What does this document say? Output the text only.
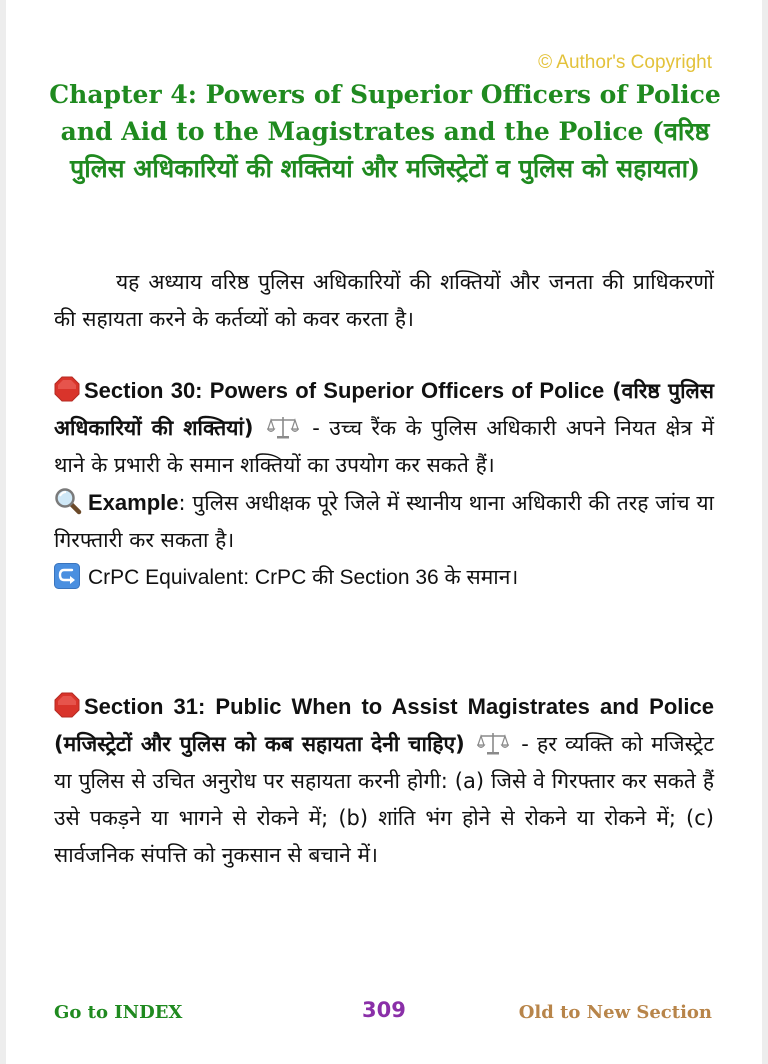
© Author's Copyright
Chapter 4: Powers of Superior Officers of Police and Aid to the Magistrates and the Police (वरिष्ठ पुलिस अधिकारियों की शक्तियां और मजिस्ट्रेटों व पुलिस को सहायता)
यह अध्याय वरिष्ठ पुलिस अधिकारियों की शक्तियों और जनता की प्राधिकरणों की सहायता करने के कर्तव्यों को कवर करता है।
Section 30: Powers of Superior Officers of Police (वरिष्ठ पुलिस अधिकारियों की शक्तियां)	- उच्च रैंक के पुलिस अधिकारी अपने नियत क्षेत्र में थाने के प्रभारी के समान शक्तियों का उपयोग कर सकते हैं।
Example: पुलिस अधीक्षक पूरे जिले में स्थानीय थाना अधिकारी की तरह जांच या गिरफ्तारी कर सकता है।
CrPC Equivalent: CrPC की Section 36 के समान।
Section 31: Public When to Assist Magistrates and Police (मजिस्ट्रेटों और पुलिस को कब सहायता देनी चाहिए)	- हर व्यक्ति को मजिस्ट्रेट या पुलिस से उचित अनुरोध पर सहायता करनी होगी: (a) जिसे वे गिरफ्तार कर सकते हैं उसे पकड़ने या भागने से रोकने में; (b) शांति भंग होने से रोकने या रोकने में; (c) सार्वजनिक संपत्ति को नुकसान से बचाने में।
Go to INDEX	309	Old to New Section
